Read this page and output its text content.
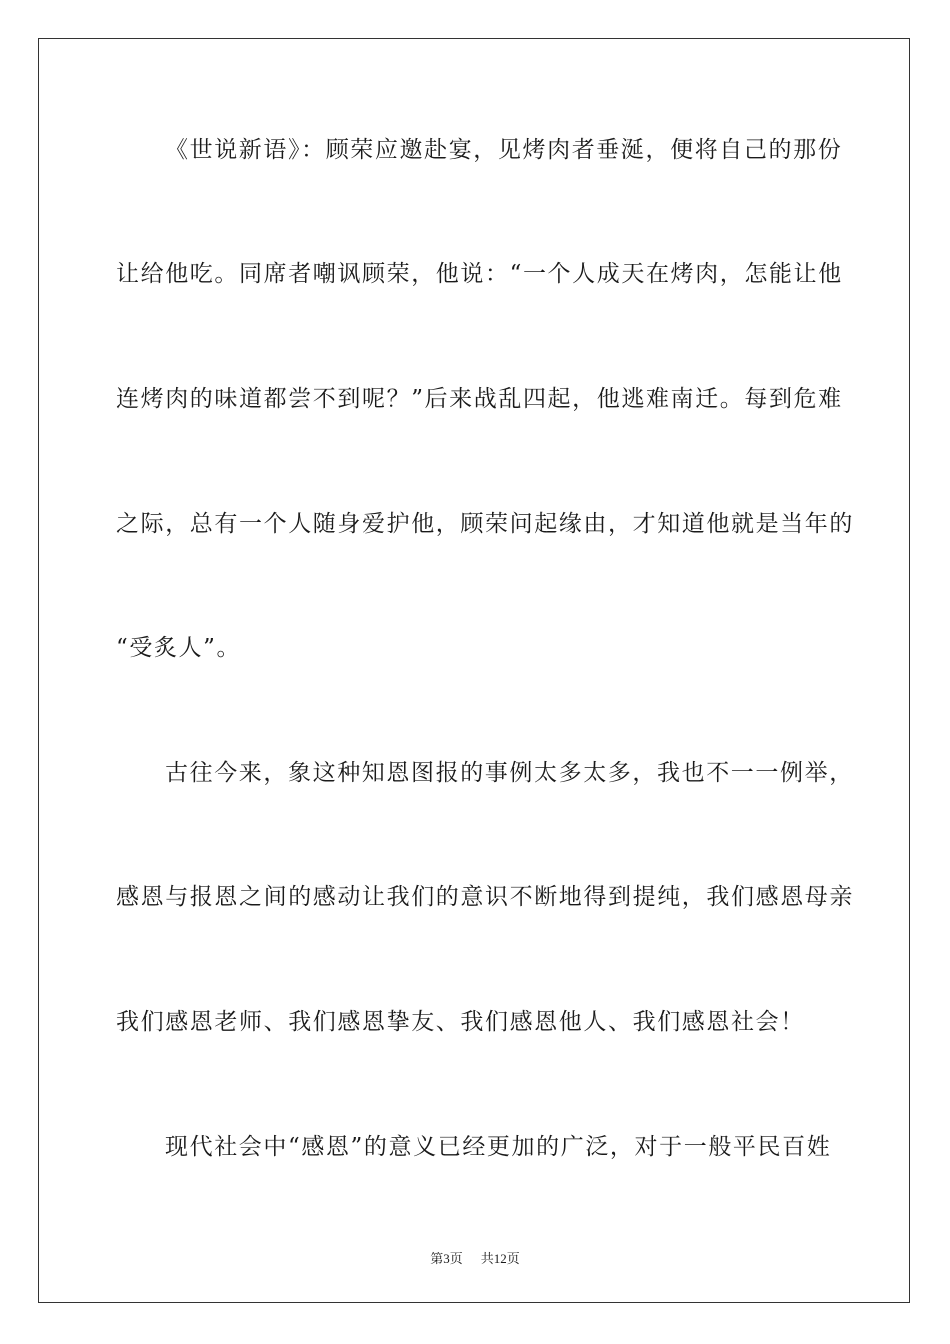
《世说新语》：顾荣应邀赴宴，见烤肉者垂涎，便将自己的那份
让给他吃。同席者嘲讽顾荣，他说：“一个人成天在烤肉，怎能让他
连烤肉的味道都尝不到呢？”后来战乱四起，他逃难南迁。每到危难
之际，总有一个人随身爱护他，顾荣问起缘由，才知道他就是当年的
“受炙人”。
古往今来，象这种知恩图报的事例太多太多，我也不一一例举，
感恩与报恩之间的感动让我们的意识不断地得到提纯，我们感恩母亲
我们感恩老师、我们感恩挚友、我们感恩他人、我们感恩社会！
现代社会中“感恩”的意义已经更加的广泛，对于一般平民百姓
第3页 共12页
